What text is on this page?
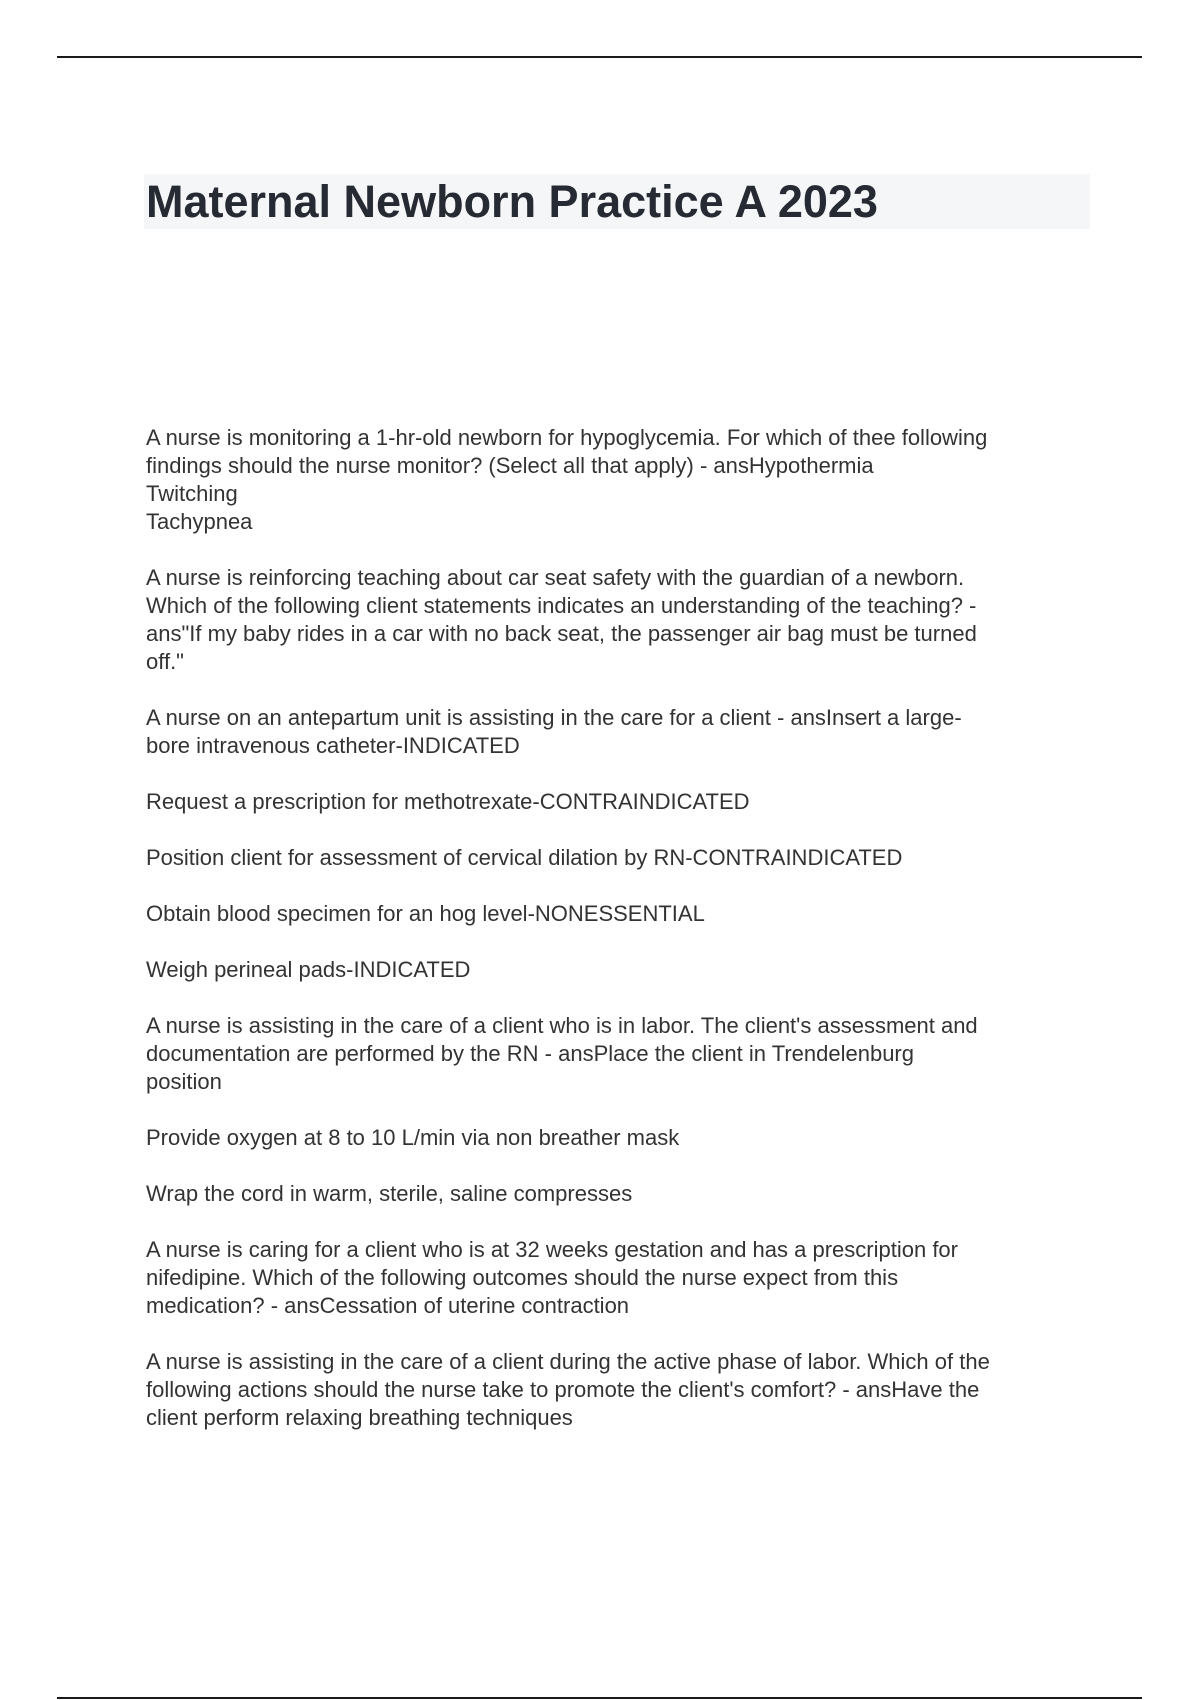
Maternal Newborn Practice A 2023
A nurse is monitoring a 1-hr-old newborn for hypoglycemia. For which of thee following
findings should the nurse monitor? (Select all that apply) - ansHypothermia
Twitching
Tachypnea
A nurse is reinforcing teaching about car seat safety with the guardian of a newborn.
Which of the following client statements indicates an understanding of the teaching? -
ans"If my baby rides in a car with no back seat, the passenger air bag must be turned
off."
A nurse on an antepartum unit is assisting in the care for a client - ansInsert a large-
bore intravenous catheter-INDICATED
Request a prescription for methotrexate-CONTRAINDICATED
Position client for assessment of cervical dilation by RN-CONTRAINDICATED
Obtain blood specimen for an hog level-NONESSENTIAL
Weigh perineal pads-INDICATED
A nurse is assisting in the care of a client who is in labor. The client's assessment and
documentation are performed by the RN - ansPlace the client in Trendelenburg
position
Provide oxygen at 8 to 10 L/min via non breather mask
Wrap the cord in warm, sterile, saline compresses
A nurse is caring for a client who is at 32 weeks gestation and has a prescription for
nifedipine. Which of the following outcomes should the nurse expect from this
medication? - ansCessation of uterine contraction
A nurse is assisting in the care of a client during the active phase of labor. Which of the
following actions should the nurse take to promote the client's comfort? - ansHave the
client perform relaxing breathing techniques
